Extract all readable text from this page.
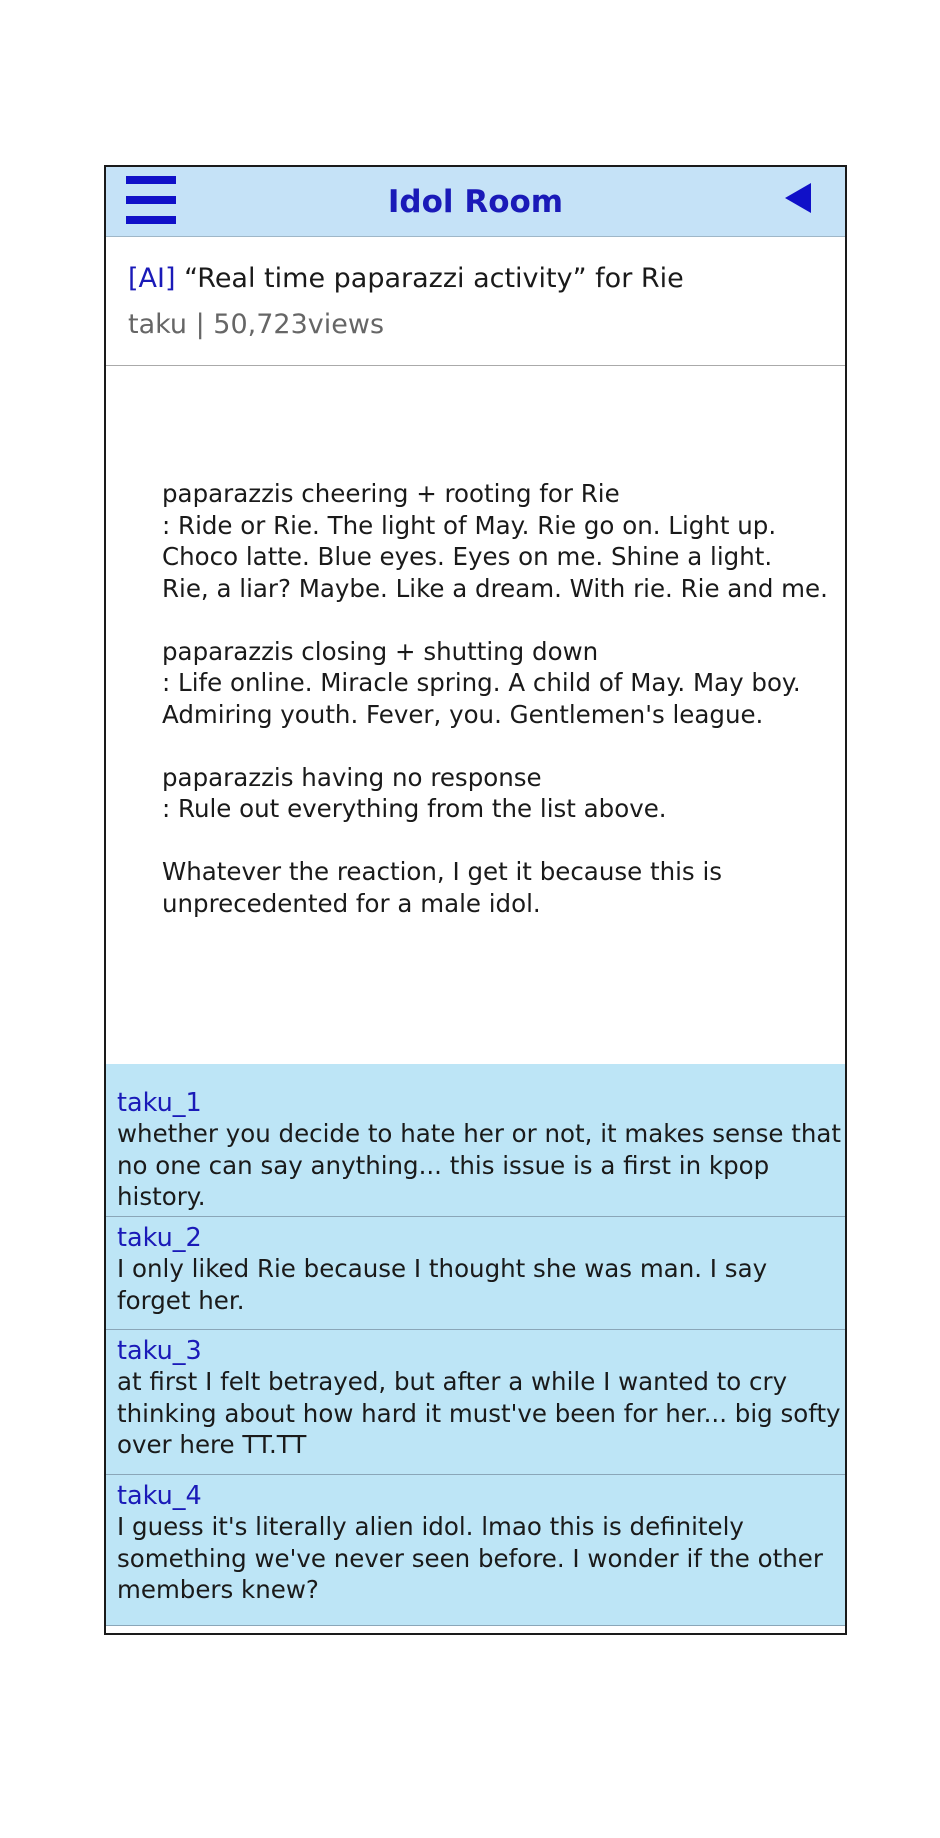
Idol Room
[AI] “Real time paparazzi activity” for Rie
taku | 50,723views

paparazzis cheering + rooting for Rie
: Ride or Rie. The light of May. Rie go on. Light up.
Choco latte. Blue eyes. Eyes on me. Shine a light.
Rie, a liar? Maybe. Like a dream. With rie. Rie and me.

paparazzis closing + shutting down
: Life online. Miracle spring. A child of May. May boy.
Admiring youth. Fever, you. Gentlemen's league.

paparazzis having no response
: Rule out everything from the list above.

Whatever the reaction, I get it because this is
unprecedented for a male idol.

taku_1
whether you decide to hate her or not, it makes sense that no one can say anything... this issue is a first in kpop history.
taku_2
I only liked Rie because I thought she was man. I say forget her.
taku_3
at first I felt betrayed, but after a while I wanted to cry thinking about how hard it must've been for her... big softy over here TT.TT
taku_4
I guess it's literally alien idol. lmao this is definitely something we've never seen before. I wonder if the other members knew?
